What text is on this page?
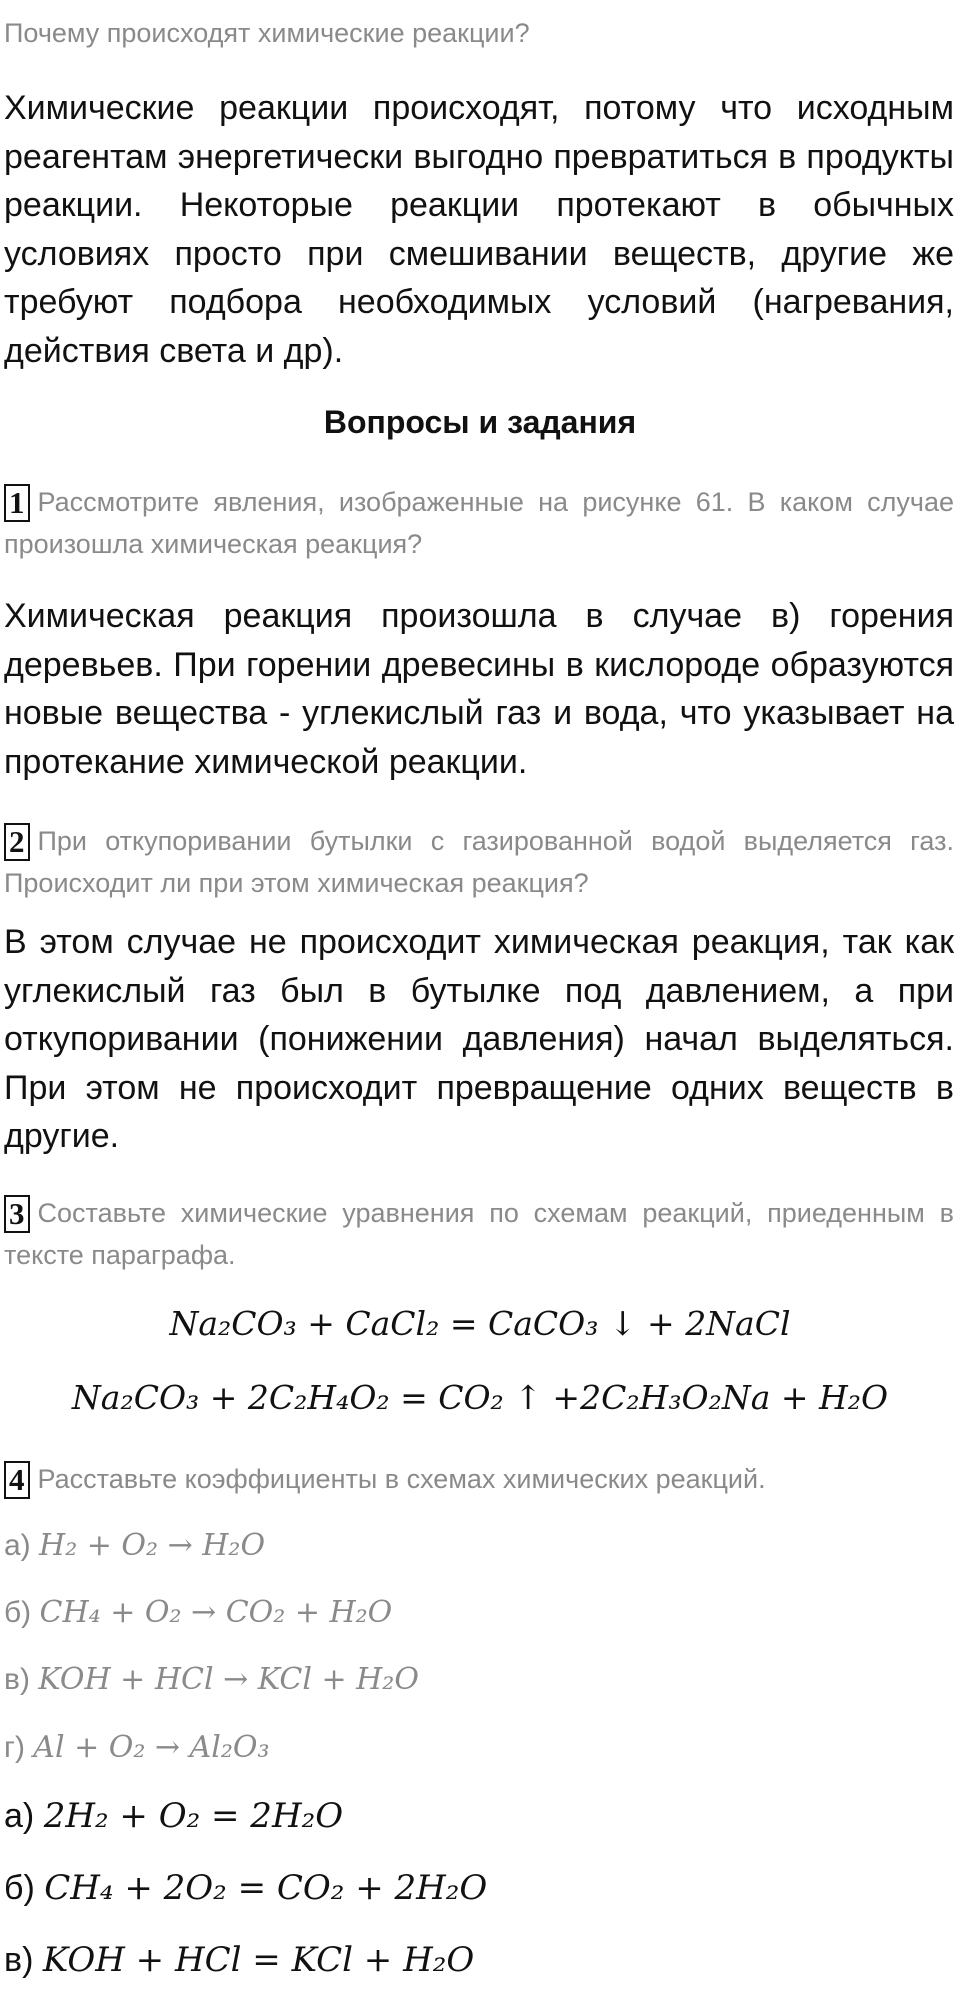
Почему происходят химические реакции?
Химические реакции происходят, потому что исходным реагентам энергетически выгодно превратиться в продукты реакции. Некоторые реакции протекают в обычных условиях просто при смешивании веществ, другие же требуют подбора необходимых условий (нагревания, действия света и др).
Вопросы и задания
1 Рассмотрите явления, изображенные на рисунке 61. В каком случае произошла химическая реакция?
Химическая реакция произошла в случае в) горения деревьев. При горении древесины в кислороде образуются новые вещества - углекислый газ и вода, что указывает на протекание химической реакции.
2 При откупоривании бутылки с газированной водой выделяется газ. Происходит ли при этом химическая реакция?
В этом случае не происходит химическая реакция, так как углекислый газ был в бутылке под давлением, а при откупоривании (понижении давления) начал выделяться. При этом не происходит превращение одних веществ в другие.
3 Составьте химические уравнения по схемам реакций, приеденным в тексте параграфа.
Na₂CO₃ + CaCl₂ = CaCO₃ ↓ + 2NaCl
Na₂CO₃ + 2C₂H₄O₂ = CO₂ ↑ +2C₂H₃O₂Na + H₂O
4 Расставьте коэффициенты в схемах химических реакций.
а) H₂ + O₂ → H₂O
б) CH₄ + O₂ → CO₂ + H₂O
в) KOH + HCl → KCl + H₂O
г) Al + O₂ → Al₂O₃
а) 2H₂ + O₂ = 2H₂O
б) CH₄ + 2O₂ = CO₂ + 2H₂O
в) KOH + HCl = KCl + H₂O
